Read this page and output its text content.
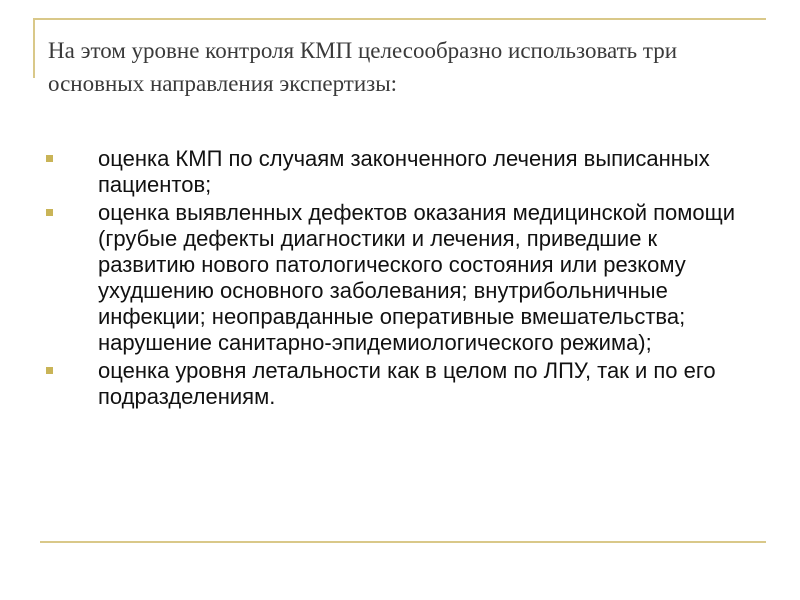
На этом уровне контроля КМП целесообразно использовать три основных направления экспертизы:
оценка КМП по случаям законченного лечения выписанных пациентов;
оценка выявленных дефектов оказания медицинской помощи (грубые дефекты диагностики и лечения, приведшие к развитию нового патологического состояния или резкому ухудшению основного заболевания; внутрибольничные инфекции; неоправданные оперативные вмешательства; нарушение санитарно-эпидемиологического режима);
оценка уровня летальности как в целом по ЛПУ, так и по его подразделениям.
